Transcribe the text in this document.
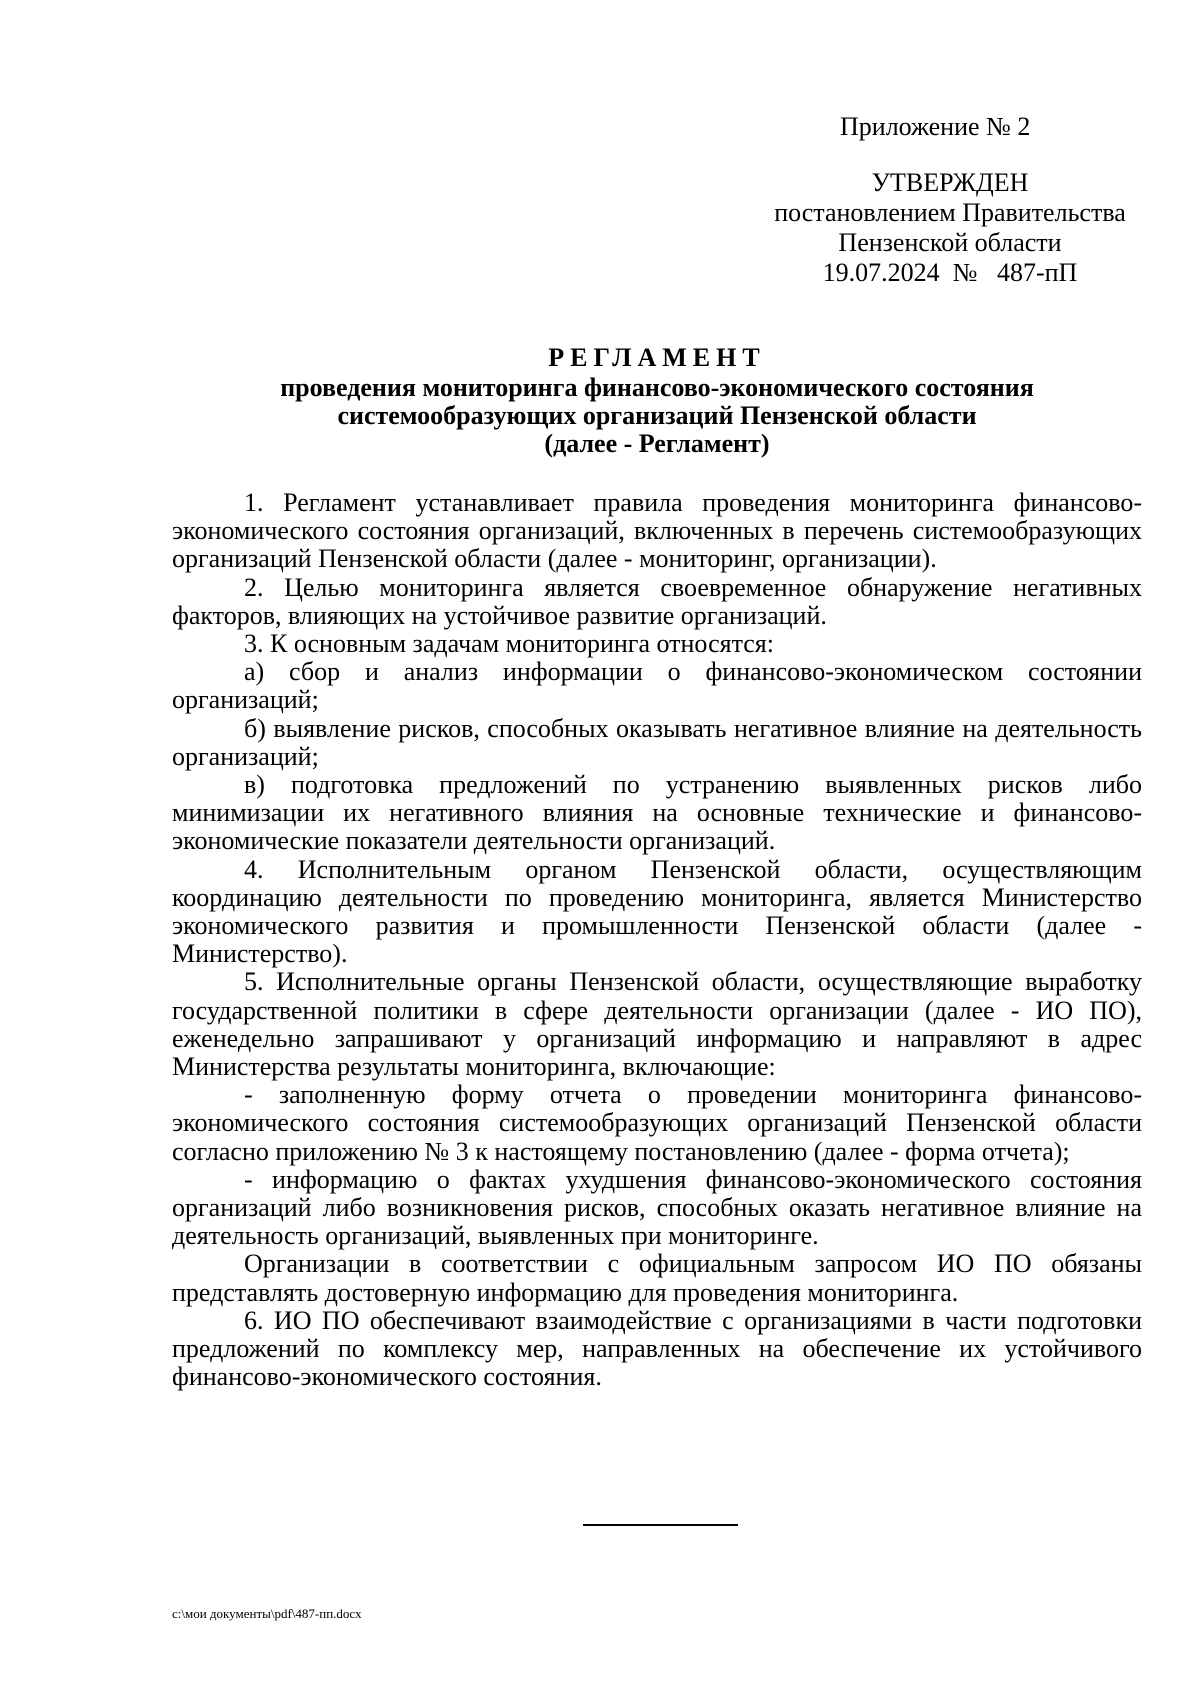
Приложение № 2
УТВЕРЖДЕН
постановлением Правительства
Пензенской области
19.07.2024  №   487-пП
РЕГЛАМЕНТ
проведения мониторинга финансово-экономического состояния
системообразующих организаций Пензенской области
(далее - Регламент)

1. Регламент устанавливает правила проведения мониторинга финансово-экономического состояния организаций, включенных в перечень системообразующих организаций Пензенской области (далее - мониторинг, организации).

2. Целью мониторинга является своевременное обнаружение негативных факторов, влияющих на устойчивое развитие организаций.

3. К основным задачам мониторинга относятся:

а) сбор и анализ информации о финансово-экономическом состоянии организаций;

б) выявление рисков, способных оказывать негативное влияние на деятельность организаций;

в) подготовка предложений по устранению выявленных рисков либо минимизации их негативного влияния на основные технические и финансово-экономические показатели деятельности организаций.

4. Исполнительным органом Пензенской области, осуществляющим координацию деятельности по проведению мониторинга, является Министерство экономического развития и промышленности Пензенской области (далее - Министерство).

5. Исполнительные органы Пензенской области, осуществляющие выработку государственной политики в сфере деятельности организации (далее - ИО ПО), еженедельно запрашивают у организаций информацию и направляют в адрес Министерства результаты мониторинга, включающие:

- заполненную форму отчета о проведении мониторинга финансово-экономического состояния системообразующих организаций Пензенской области согласно приложению № 3 к настоящему постановлению (далее - форма отчета);

- информацию о фактах ухудшения финансово-экономического состояния организаций либо возникновения рисков, способных оказать негативное влияние на деятельность организаций, выявленных при мониторинге.

Организации в соответствии с официальным запросом ИО ПО обязаны представлять достоверную информацию для проведения мониторинга.

6. ИО ПО обеспечивают взаимодействие с организациями в части подготовки предложений по комплексу мер, направленных на обеспечение их устойчивого финансово-экономического состояния.

c:\мои документы\pdf\487-пп.docx
